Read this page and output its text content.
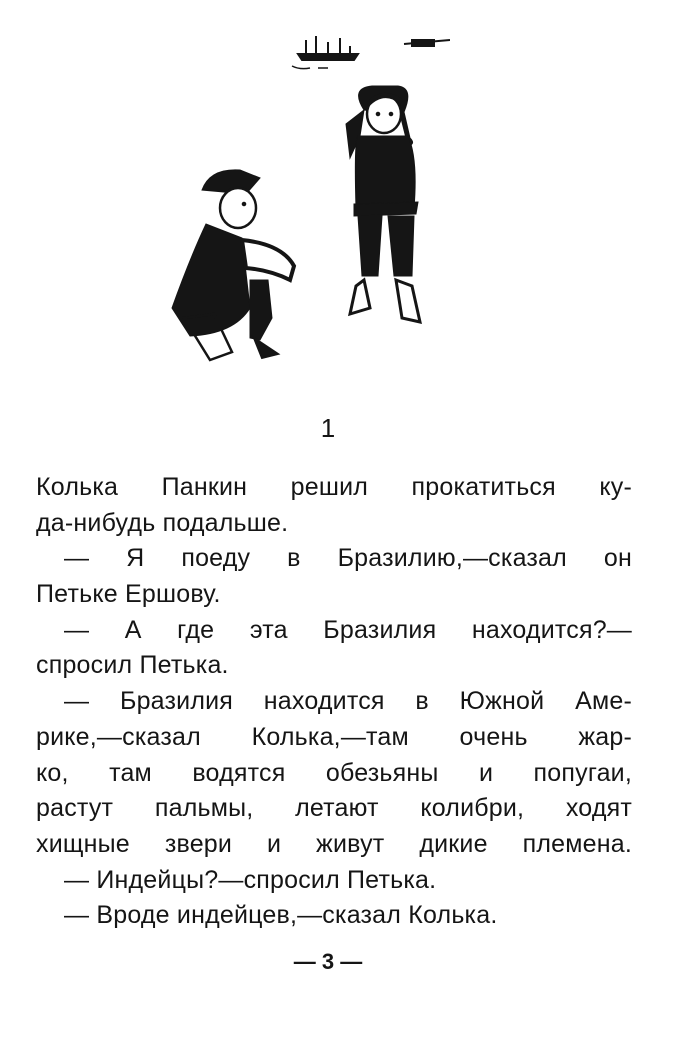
1
Колька Панкин решил прокатиться ку-
да-нибудь подальше.
— Я поеду в Бразилию,—сказал он
Петьке Ершову.
— А где эта Бразилия находится?—
спросил Петька.
— Бразилия находится в Южной Аме-
рике,—сказал Колька,—там очень жар-
ко, там водятся обезьяны и попугаи,
растут пальмы, летают колибри, ходят
хищные звери и живут дикие племена.
— Индейцы?—спросил Петька.
— Вроде индейцев,—сказал Колька.
— 3 —
